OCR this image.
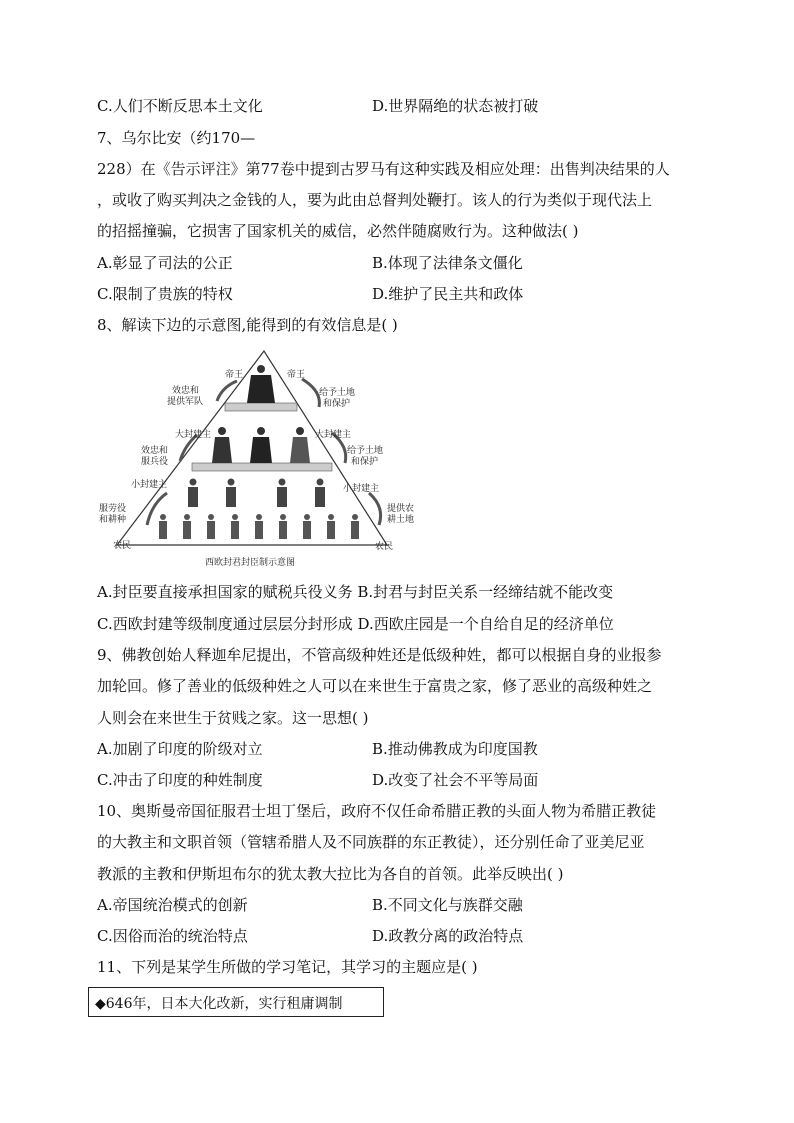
C.人们不断反思本土文化	D.世界隔绝的状态被打破
7、乌尔比安（约170—
228）在《告示评注》第77卷中提到古罗马有这种实践及相应处理：出售判决结果的人
，或收了购买判决之金钱的人，要为此由总督判处鞭打。该人的行为类似于现代法上
的招摇撞骗，它损害了国家机关的威信，必然伴随腐败行为。这种做法( )
A.彰显了司法的公正	B.体现了法律条文僵化
C.限制了贵族的特权	D.维护了民主共和政体
8、解读下边的示意图,能得到的有效信息是( )
帝王	帝王
大封建主	大封建主
小封建主	小封建主
农民	农民
效忠和
提供军队
效忠和
服兵役
服劳役
和耕种
给予土地
和保护
给予土地
和保护
提供农
耕土地
西欧封君封臣制示意图
A.封臣要直接承担国家的赋税兵役义务 B.封君与封臣关系一经缔结就不能改变
C.西欧封建等级制度通过层层分封形成 D.西欧庄园是一个自给自足的经济单位
9、佛教创始人释迦牟尼提出，不管高级种姓还是低级种姓，都可以根据自身的业报参
加轮回。修了善业的低级种姓之人可以在来世生于富贵之家，修了恶业的高级种姓之
人则会在来世生于贫贱之家。这一思想( )
A.加剧了印度的阶级对立	B.推动佛教成为印度国教
C.冲击了印度的种姓制度	D.改变了社会不平等局面
10、奥斯曼帝国征服君士坦丁堡后，政府不仅任命希腊正教的头面人物为希腊正教徒
的大教主和文职首领（管辖希腊人及不同族群的东正教徒），还分别任命了亚美尼亚
教派的主教和伊斯坦布尔的犹太教大拉比为各自的首领。此举反映出( )
A.帝国统治模式的创新	B.不同文化与族群交融
C.因俗而治的统治特点	D.政教分离的政治特点
11、下列是某学生所做的学习笔记，其学习的主题应是( )
◆646年，日本大化改新，实行租庸调制
